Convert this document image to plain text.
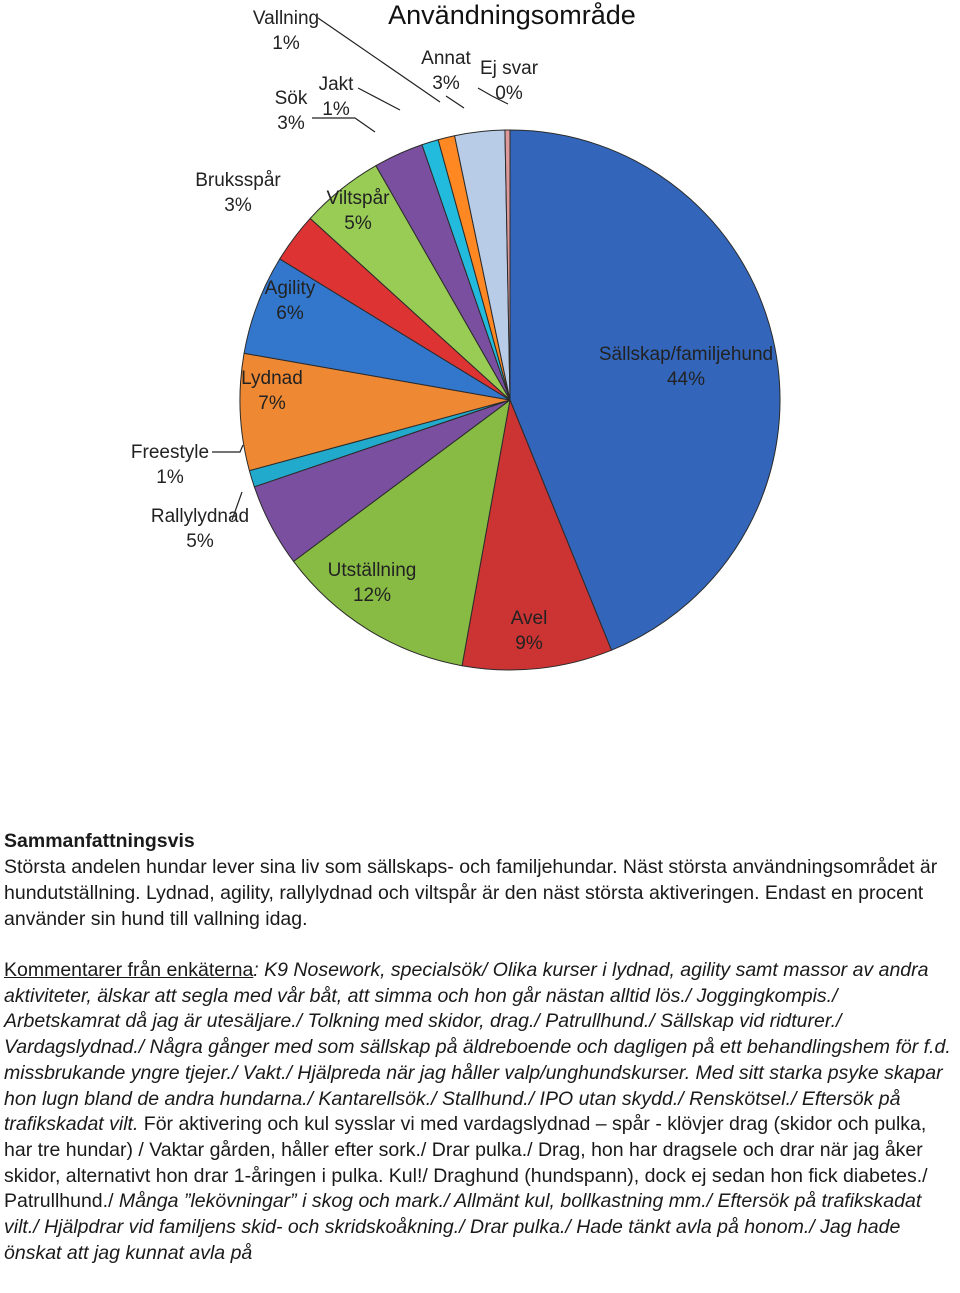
Användningsområde
Sällskap/familjehund
44%
Avel
9%
Utställning
12%
Rallylydnad
5%
Freestyle
1%
Lydnad
7%
Agility
6%
Bruksspår
3%	Viltspår
5%
Sök
3%
Jakt
1%
Vallning
1%
Annat
3%
Ej svar
0%
Sammanfattningsvis
Största andelen hundar lever sina liv som sällskaps- och familjehundar. Näst största användningsområdet är hundutställning. Lydnad, agility, rallylydnad och viltspår är den näst största aktiveringen. Endast en procent använder sin hund till vallning idag.
Kommentarer från enkäterna: K9 Nosework, specialsök/ Olika kurser i lydnad, agility samt massor av andra aktiviteter, älskar att segla med vår båt, att simma och hon går nästan alltid lös./ Joggingkompis./ Arbetskamrat då jag är utesäljare./ Tolkning med skidor, drag./ Patrullhund./ Sällskap vid ridturer./ Vardagslydnad./ Några gånger med som sällskap på äldreboende och dagligen på ett behandlingshem för f.d. missbrukande yngre tjejer./ Vakt./ Hjälpreda när jag håller valp/unghundskurser. Med sitt starka psyke skapar hon lugn bland de andra hundarna./ Kantarellsök./ Stallhund./ IPO utan skydd./ Renskötsel./ Eftersök på trafikskadat vilt. För aktivering och kul sysslar vi med vardagslydnad – spår - klövjer drag (skidor och pulka, har tre hundar) / Vaktar gården, håller efter sork./ Drar pulka./ Drag, hon har dragsele och drar när jag åker skidor, alternativt hon drar 1-åringen i pulka. Kul!/ Draghund (hundspann), dock ej sedan hon fick diabetes./ Patrullhund./ Många ”lekövningar” i skog och mark./ Allmänt kul, bollkastning mm./ Eftersök på trafikskadat vilt./ Hjälpdrar vid familjens skid- och skridskoåkning./ Drar pulka./ Hade tänkt avla på honom./ Jag hade önskat att jag kunnat avla på
